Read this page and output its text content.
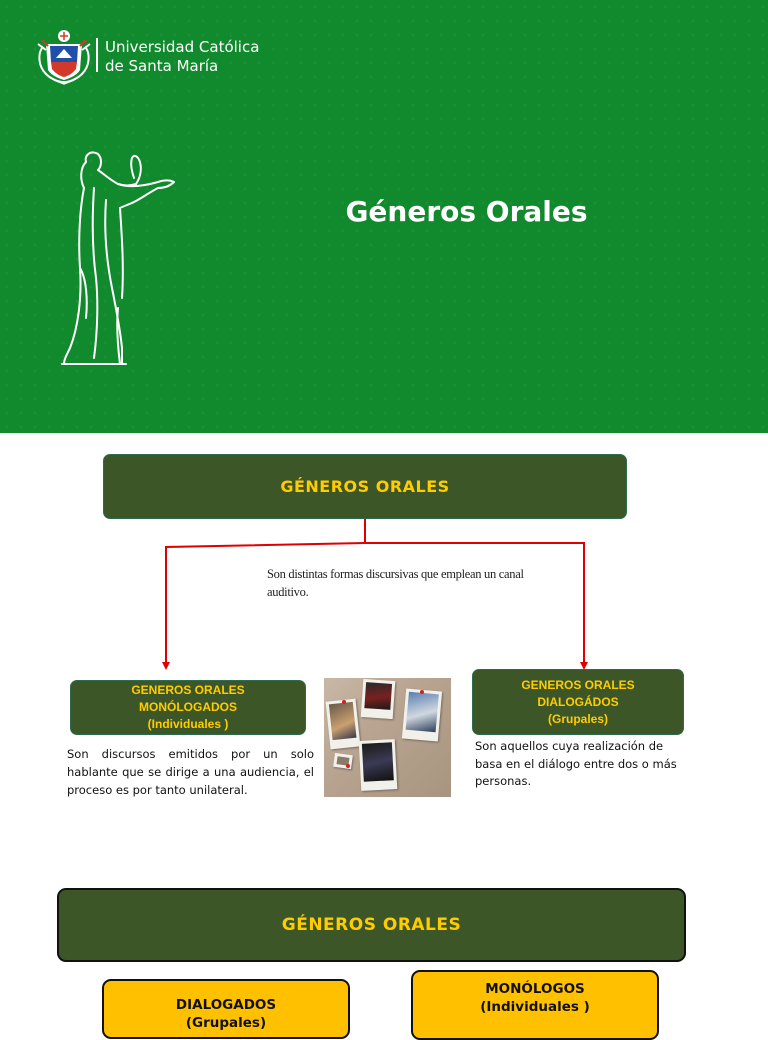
Universidad Católica
de Santa María
Géneros Orales
GÉNEROS ORALES
Son distintas formas discursivas que emplean un canal auditivo.
GENEROS ORALES
MONÓLOGADOS
(Individuales )
GENEROS ORALES
DIALOGÁDOS
(Grupales)
Son discursos emitidos por un solo hablante que se dirige a una audiencia, el proceso es por tanto unilateral.
Son aquellos cuya realización de basa en el diálogo entre dos o más personas.
GÉNEROS ORALES
DIALOGADOS
(Grupales)
MONÓLOGOS
(Individuales )
